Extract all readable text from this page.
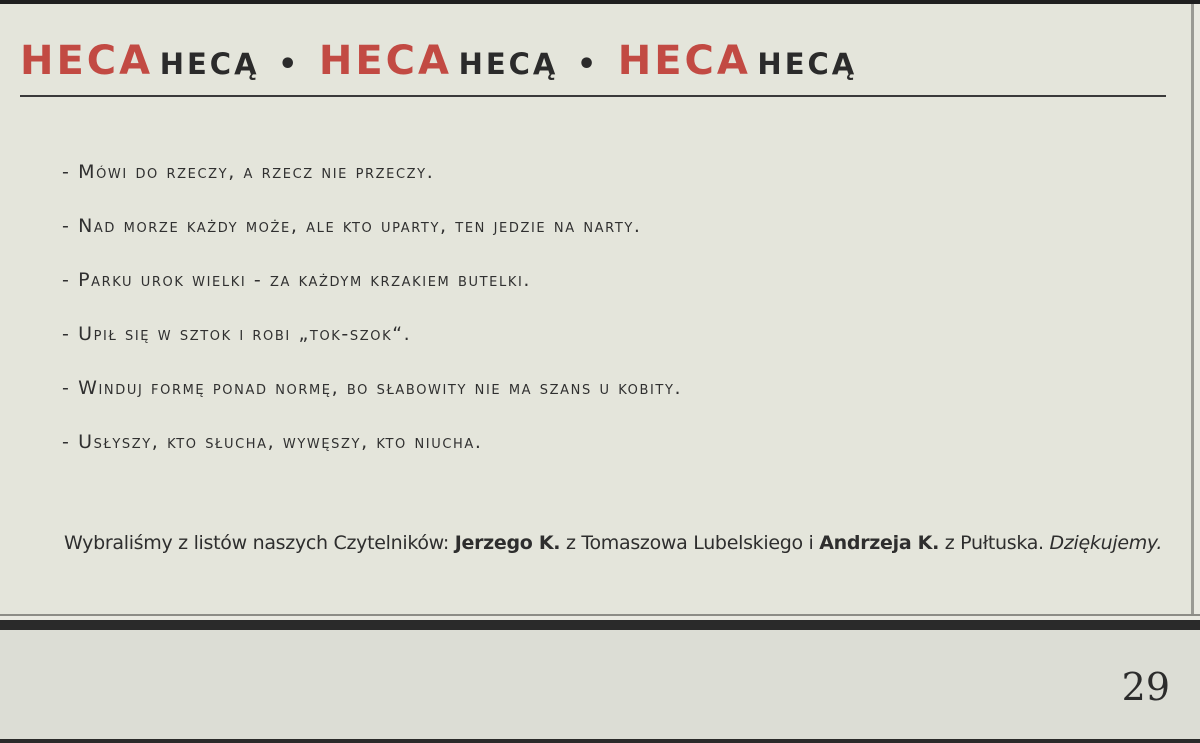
HECA HECĄ • HECA HECĄ • HECA HECĄ
- Mówi do rzeczy, a rzecz nie przeczy.
- Nad morze każdy może, ale kto uparty, ten jedzie na narty.
- Parku urok wielki - za każdym krzakiem butelki.
- Upił się w sztok i robi „tok-szok“.
- Winduj formę ponad normę, bo słabowity nie ma szans u kobity.
- Usłyszy, kto słucha, wywęszy, kto niucha.

Wybraliśmy z listów naszych Czytelników: Jerzego K. z Tomaszowa Lubelskiego i Andrzeja K. z Pułtuska. Dziękujemy.

29
